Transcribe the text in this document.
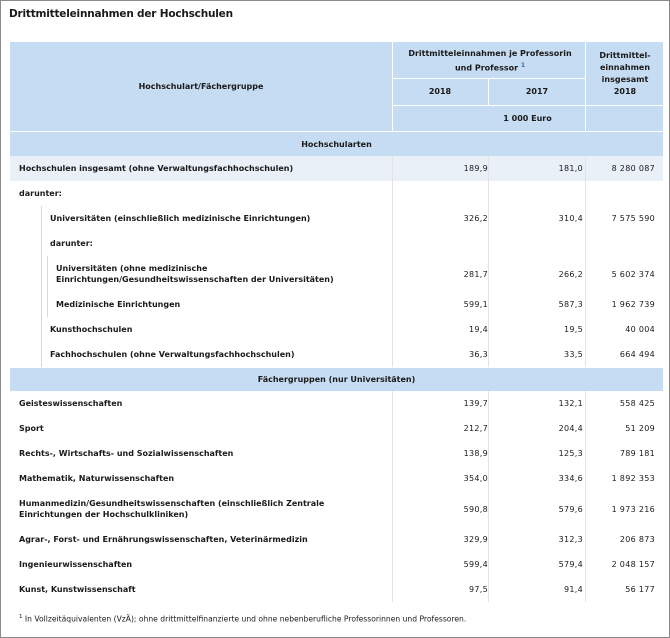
Drittmitteleinnahmen der Hochschulen
Hochschulart/Fächergruppe
Drittmitteleinnahmen je Professorin und Professor $^1$
2018	2017
Drittmittel-einnahmen insgesamt 2018
1 000 Euro
Hochschularten
Hochschulen insgesamt (ohne Verwaltungsfachhochschulen)	189,9	181,0	8 280 087
darunter:
Universitäten (einschließlich medizinische Einrichtungen)	326,2	310,4	7 575 590
darunter:
Universitäten (ohne medizinische Einrichtungen/Gesundheitswissenschaften der Universitäten)
281,7	266,2	5 602 374
Medizinische Einrichtungen	599,1	587,3	1 962 739
Kunsthochschulen	19,4	19,5	40 004
Fachhochschulen (ohne Verwaltungsfachhochschulen)	36,3	33,5	664 494
Fächergruppen (nur Universitäten)
Geisteswissenschaften	139,7	132,1	558 425
Sport	212,7	204,4	51 209
Rechts-, Wirtschafts- und Sozialwissenschaften	138,9	125,3	789 181
Mathematik, Naturwissenschaften	354,0	334,6	1 892 353
Humanmedizin/Gesundheitswissenschaften (einschließlich Zentrale Einrichtungen der Hochschulkliniken)
590,8	579,6	1 973 216
Agrar-, Forst- und Ernährungswissenschaften, Veterinärmedizin	329,9	312,3	206 873
Ingenieurwissenschaften	599,4	579,4	2 048 157
Kunst, Kunstwissenschaft	97,5	91,4	56 177
$^1$ In Vollzeitäquivalenten (VzÄ); ohne drittmittelfinanzierte und ohne nebenberufliche Professorinnen und Professoren.
